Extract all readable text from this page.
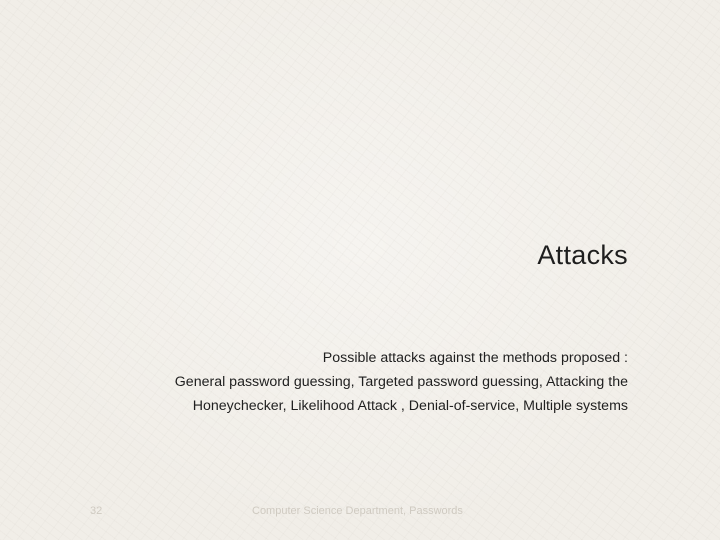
Attacks
Possible attacks against the methods proposed :
General password guessing, Targeted password guessing, Attacking the
Honeychecker, Likelihood Attack , Denial-of-service, Multiple systems
32	Computer Science Department, Passwords
